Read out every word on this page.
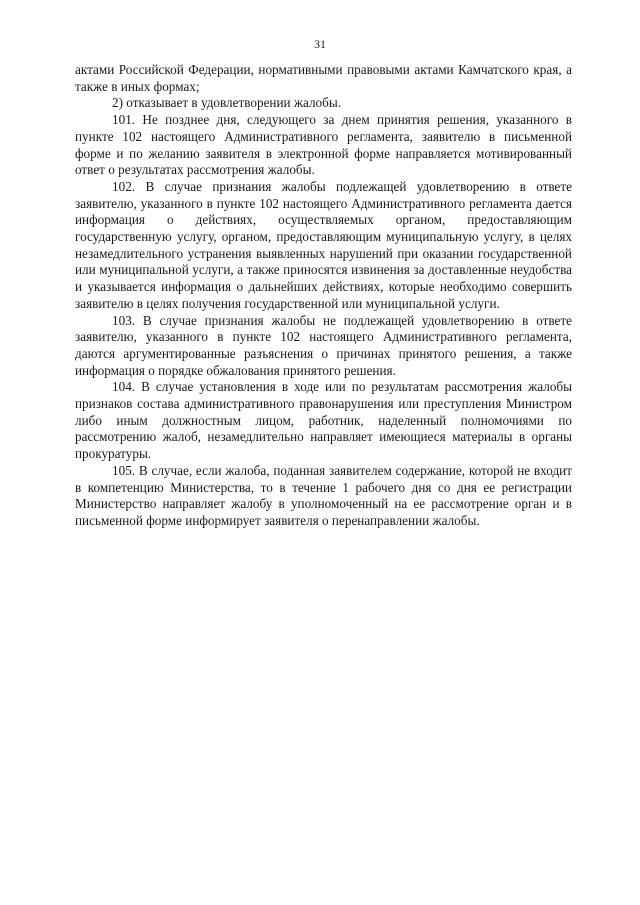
31

актами Российской Федерации, нормативными правовыми актами Камчатского края, а также в иных формах;

2) отказывает в удовлетворении жалобы.

101. Не позднее дня, следующего за днем принятия решения, указанного в пункте 102 настоящего Административного регламента, заявителю в письменной форме и по желанию заявителя в электронной форме направляется мотивированный ответ о результатах рассмотрения жалобы.

102. В случае признания жалобы подлежащей удовлетворению в ответе заявителю, указанного в пункте 102 настоящего Административного регламента дается информация о действиях, осуществляемых органом, предоставляющим государственную услугу, органом, предоставляющим муниципальную услугу, в целях незамедлительного устранения выявленных нарушений при оказании государственной или муниципальной услуги, а также приносятся извинения за доставленные неудобства и указывается информация о дальнейших действиях, которые необходимо совершить заявителю в целях получения государственной или муниципальной услуги.

103. В случае признания жалобы не подлежащей удовлетворению в ответе заявителю, указанного в пункте 102 настоящего Административного регламента, даются аргументированные разъяснения о причинах принятого решения, а также информация о порядке обжалования принятого решения.

104. В случае установления в ходе или по результатам рассмотрения жалобы признаков состава административного правонарушения или преступления Министром либо иным должностным лицом, работник, наделенный полномочиями по рассмотрению жалоб, незамедлительно направляет имеющиеся материалы в органы прокуратуры.

105. В случае, если жалоба, поданная заявителем содержание, которой не входит в компетенцию Министерства, то в течение 1 рабочего дня со дня ее регистрации Министерство направляет жалобу в уполномоченный на ее рассмотрение орган и в письменной форме информирует заявителя о перенаправлении жалобы.
